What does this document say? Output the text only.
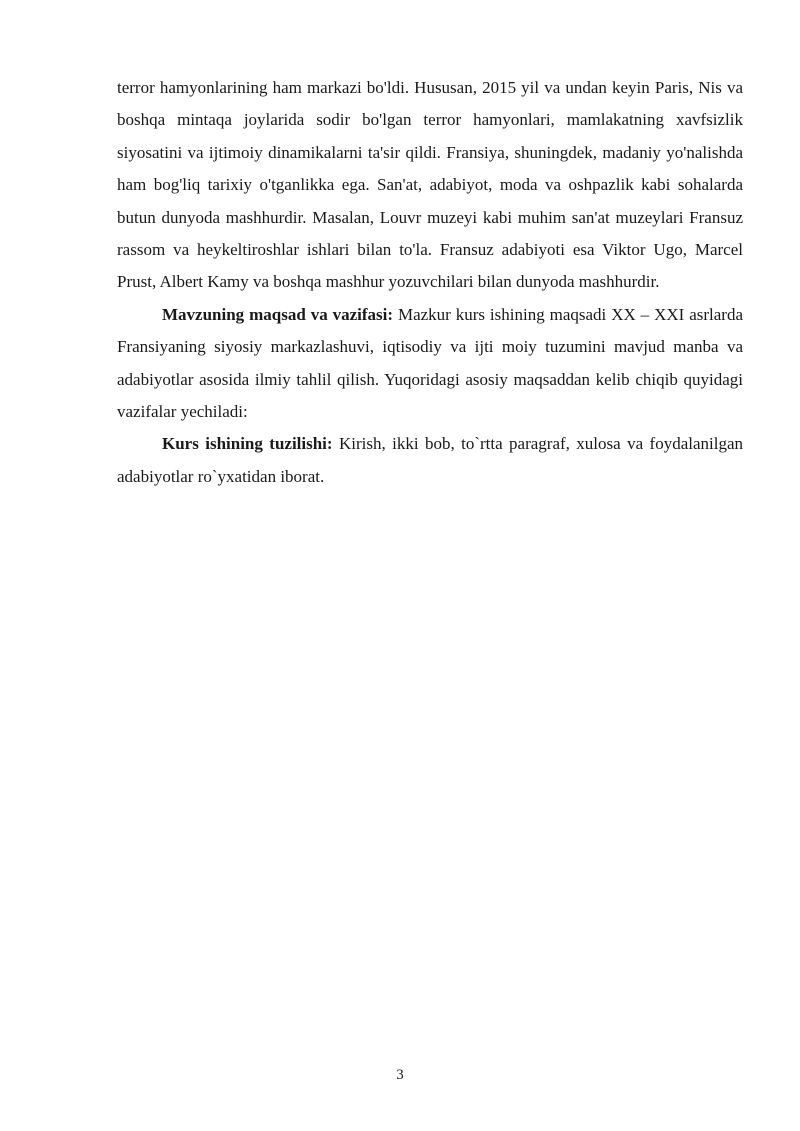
terror hamyonlarining ham markazi bo'ldi. Hususan, 2015 yil va undan keyin Paris, Nis va boshqa mintaqa joylarida sodir bo'lgan terror hamyonlari, mamlakatning xavfsizlik siyosatini va ijtimoiy dinamikalarni ta'sir qildi. Fransiya, shuningdek, madaniy yo'nalishda ham bog'liq tarixiy o'tganlikka ega. San'at, adabiyot, moda va oshpazlik kabi sohalarda butun dunyoda mashhurdir. Masalan, Louvr muzeyi kabi muhim san'at muzeylari Fransuz rassom va heykeltiroshlar ishlari bilan to'la. Fransuz adabiyoti esa Viktor Ugo, Marcel Prust, Albert Kamy va boshqa mashhur yozuvchilari bilan dunyoda mashhurdir.

Mavzuning maqsad va vazifasi: Mazkur kurs ishining maqsadi XX – XXI asrlarda Fransiyaning siyosiy markazlashuvi, iqtisodiy va ijti moiy tuzumini mavjud manba va adabiyotlar asosida ilmiy tahlil qilish. Yuqoridagi asosiy maqsaddan kelib chiqib quyidagi vazifalar yechiladi:

Kurs ishining tuzilishi: Kirish, ikki bob, to`rtta paragraf, xulosa va foydalanilgan adabiyotlar ro`yxatidan iborat.

3
